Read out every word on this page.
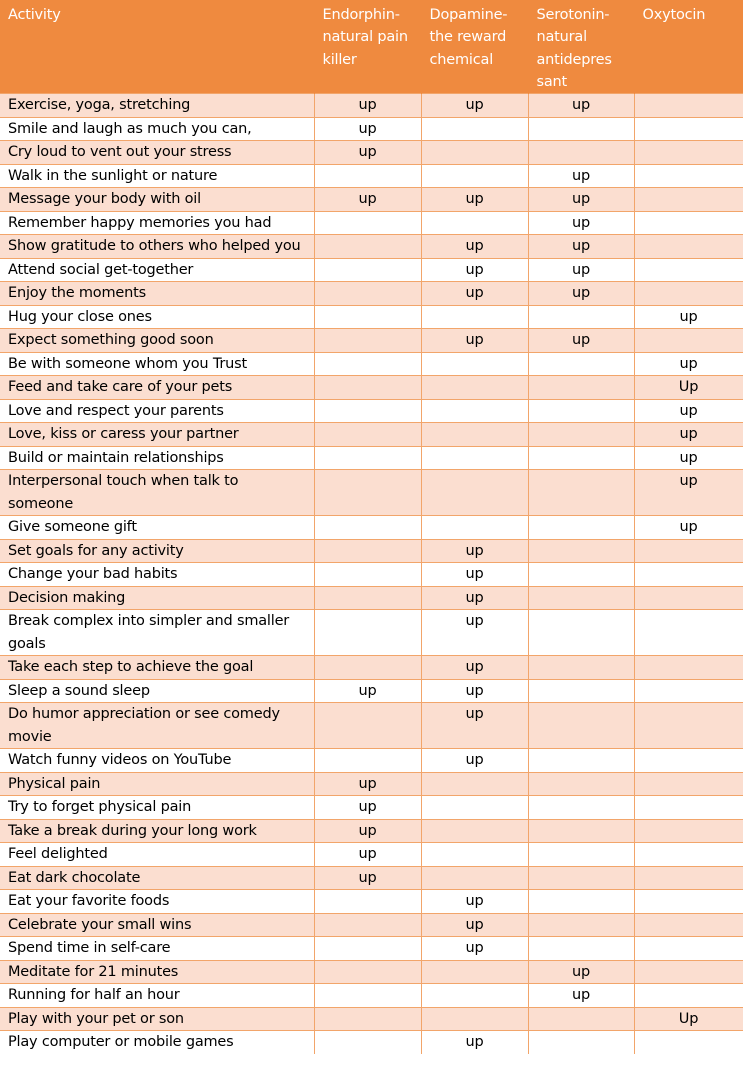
Activity	Endorphin-natural pain killer	Dopamine-the reward chemical	Serotonin-natural antidepres sant	Oxytocin
Exercise, yoga, stretching	up	up	up	
Smile and laugh as much you can,	up			
Cry loud to vent out your stress	up			
Walk in the sunlight or nature			up	
Message your body with oil	up	up	up	
Remember happy memories you had			up	
Show gratitude to others who helped you		up	up	
Attend social get-together		up	up	
Enjoy the moments		up	up	
Hug your close ones				up
Expect something good soon		up	up	
Be with someone whom you Trust				up
Feed and take care of your pets				Up
Love and respect your parents				up
Love, kiss or caress your partner				up
Build or maintain relationships				up
Interpersonal touch when talk to someone				up
Give someone gift				up
Set goals for any activity		up		
Change your bad habits		up		
Decision making		up		
Break complex into simpler and smaller goals		up		
Take each step to achieve the goal		up		
Sleep a sound sleep	up	up		
Do humor appreciation or see comedy movie		up		
Watch funny videos on YouTube		up		
Physical pain	up			
Try to forget physical pain	up			
Take a break during your long work	up			
Feel delighted	up			
Eat dark chocolate	up			
Eat your favorite foods		up		
Celebrate your small wins		up		
Spend time in self-care		up		
Meditate for 21 minutes			up	
Running for half an hour			up	
Play with your pet or son				Up
Play computer or mobile games		up		
